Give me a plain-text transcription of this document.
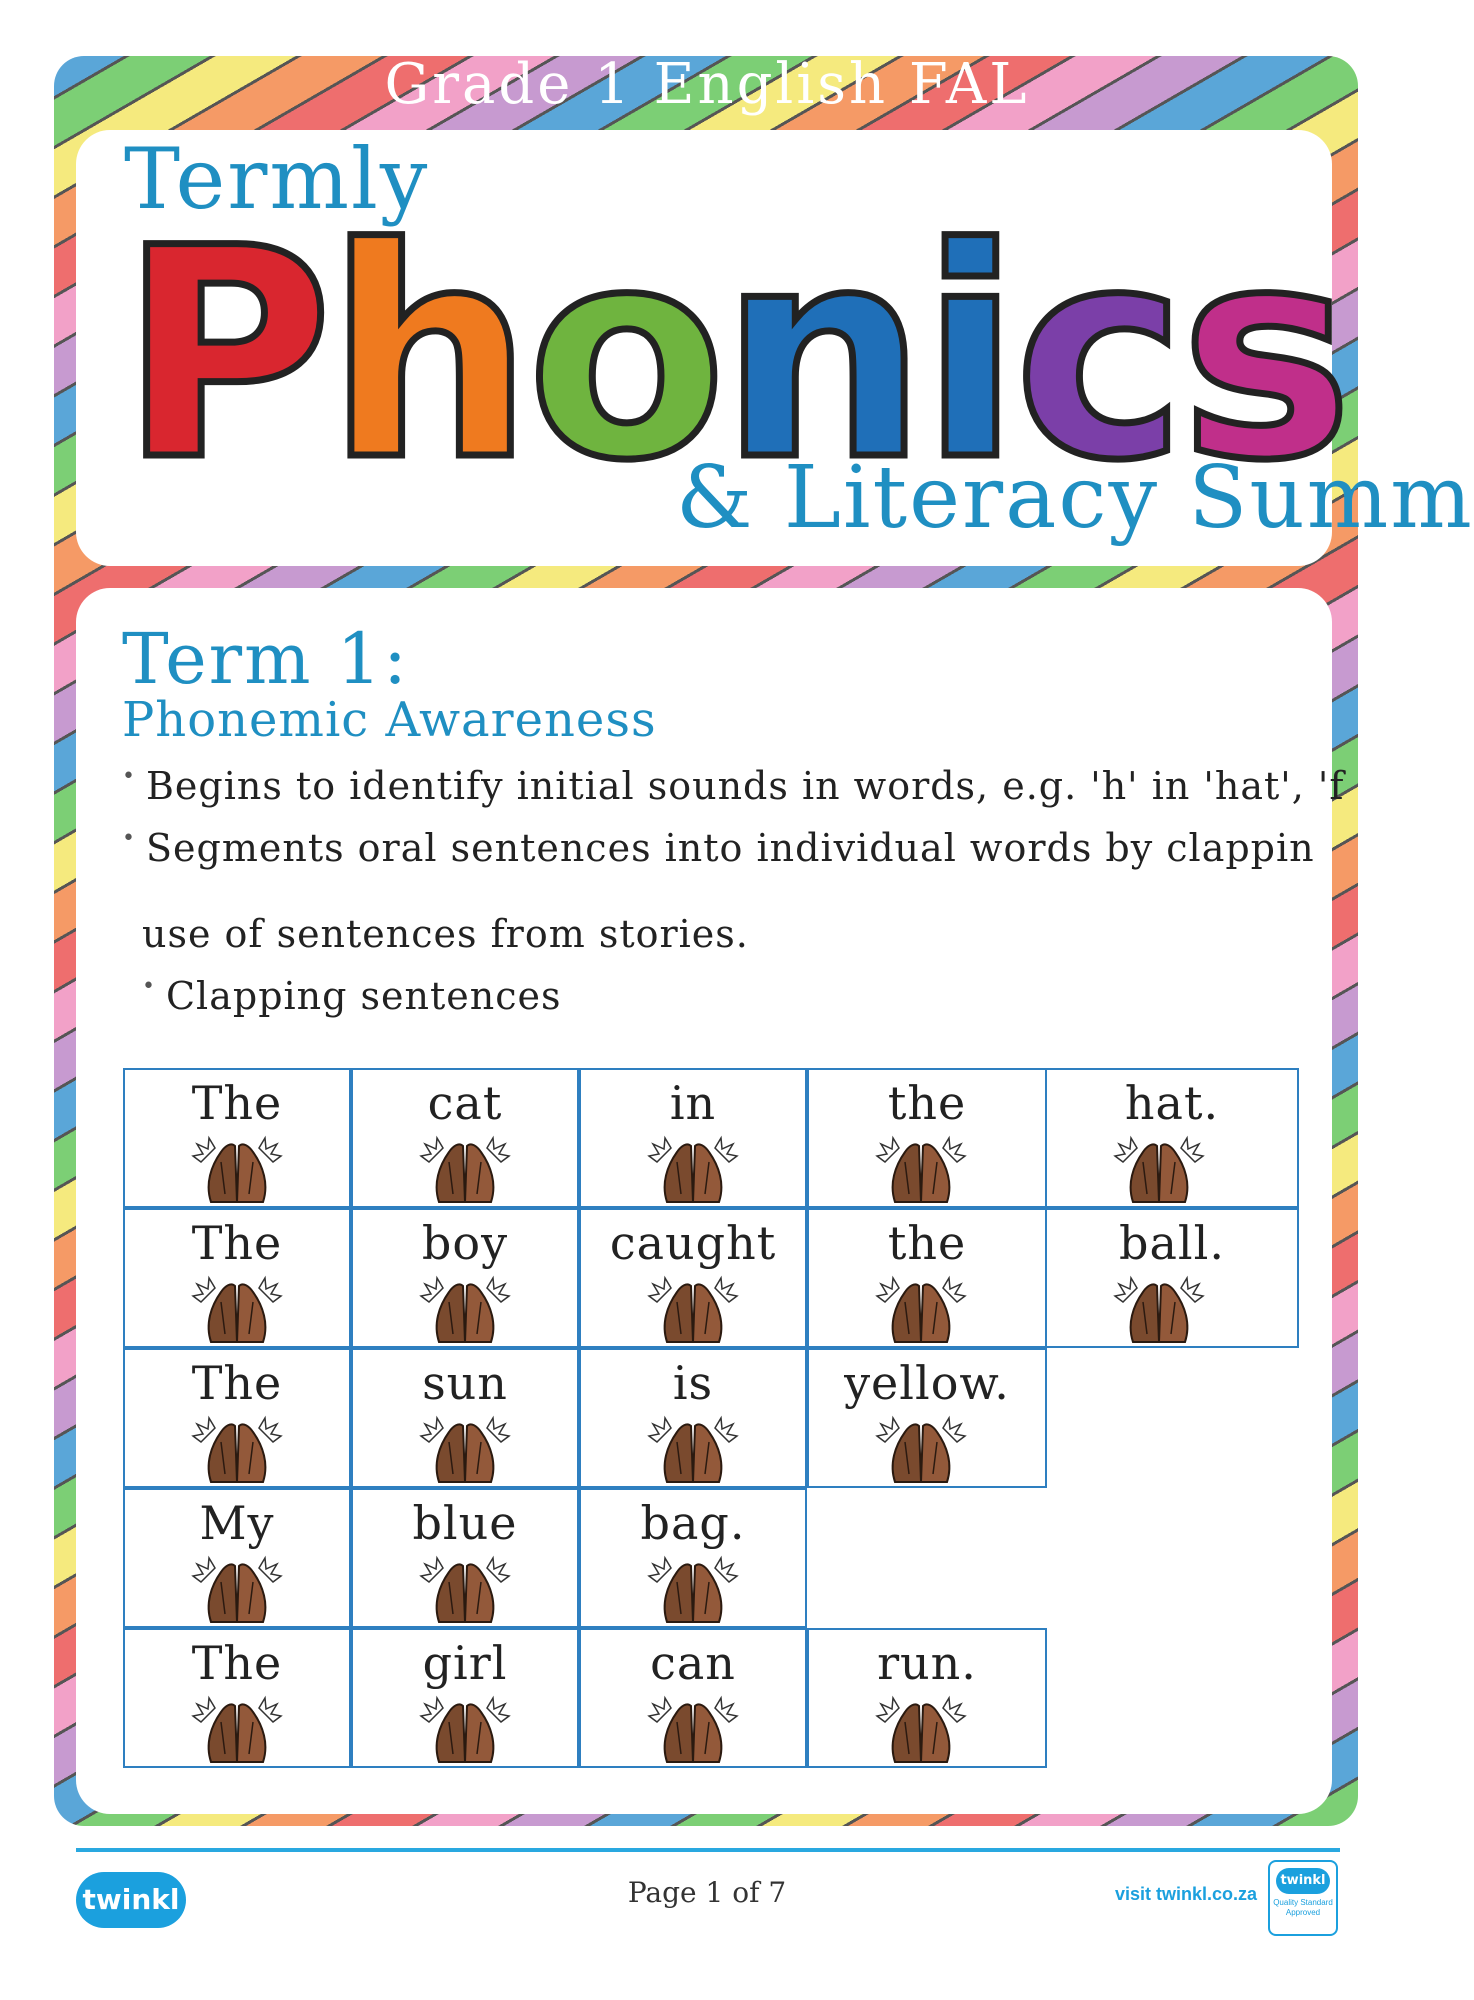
Grade 1 English FAL
Termly
P h o n i c s
& Literacy Summ
Term 1:
Phonemic Awareness
• Begins to identify initial sounds in words, e.g. 'h' in 'hat', 'f
• Segments oral sentences into individual words by clappin
use of sentences from stories.
• Clapping sentences
The	cat	in	the	hat.
The	boy	caught	the	ball.
The	sun	is	yellow.
My	blue	bag.
The	girl	can	run.
twinkl	Page 1 of 7	visit twinkl.co.za
twinkl
Quality Standard Approved
